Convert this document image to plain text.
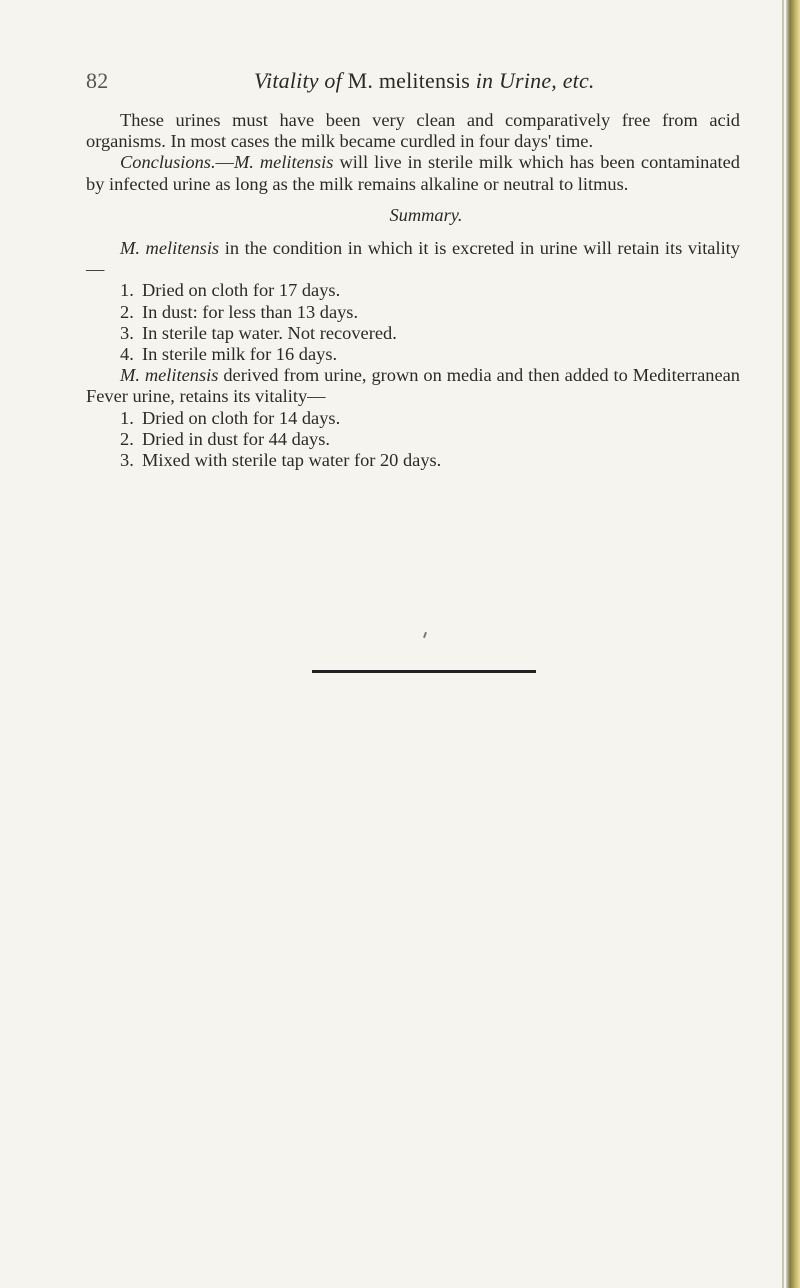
82	Vitality of M. melitensis in Urine, etc.

These urines must have been very clean and comparatively free from acid organisms. In most cases the milk became curdled in four days' time.

Conclusions.—M. melitensis will live in sterile milk which has been contaminated by infected urine as long as the milk remains alkaline or neutral to litmus.

Summary.

M. melitensis in the condition in which it is excreted in urine will retain its vitality—

1. Dried on cloth for 17 days.
2. In dust: for less than 13 days.
3. In sterile tap water. Not recovered.
4. In sterile milk for 16 days.

M. melitensis derived from urine, grown on media and then added to Mediterranean Fever urine, retains its vitality—

1. Dried on cloth for 14 days.
2. Dried in dust for 44 days.
3. Mixed with sterile tap water for 20 days.
